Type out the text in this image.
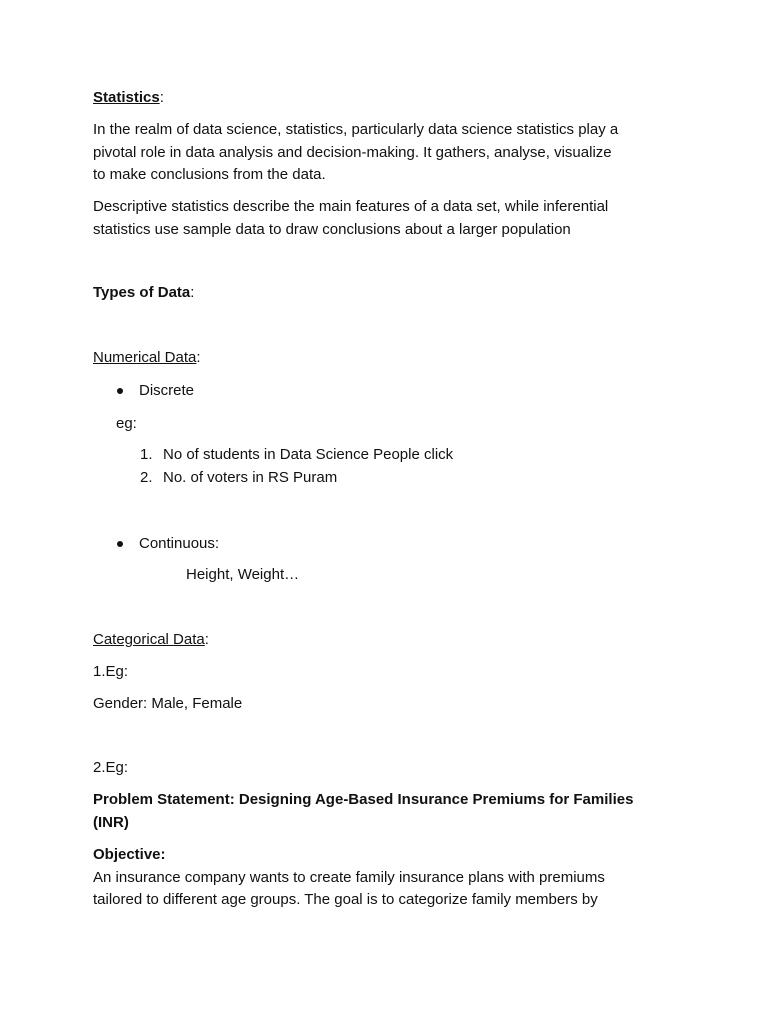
Statistics:

In the realm of data science, statistics, particularly data science statistics play a

pivotal role in data analysis and decision-making. It gathers, analyse, visualize

to make conclusions from the data.

Descriptive statistics describe the main features of a data set, while inferential

statistics use sample data to draw conclusions about a larger population

Types of Data:

Numerical Data:

Discrete

eg:

1. No of students in Data Science People click

2. No. of voters in RS Puram

Continuous:

Height, Weight…

Categorical Data:

1.Eg:

Gender: Male, Female

2.Eg:

Problem Statement: Designing Age-Based Insurance Premiums for Families

(INR)

Objective:

An insurance company wants to create family insurance plans with premiums

tailored to different age groups. The goal is to categorize family members by
